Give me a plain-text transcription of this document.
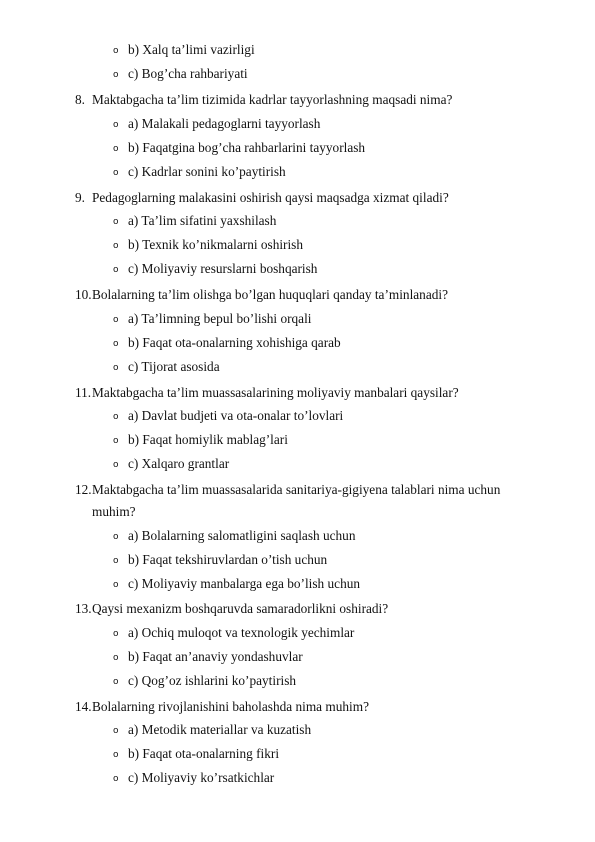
o b) Xalq ta’limi vazirligi
o c) Bog’cha rahbariyati
8. Maktabgacha ta’lim tizimida kadrlar tayyorlashning maqsadi nima?
o a) Malakali pedagoglarni tayyorlash
o b) Faqatgina bog’cha rahbarlarini tayyorlash
o c) Kadrlar sonini ko’paytirish
9. Pedagoglarning malakasini oshirish qaysi maqsadga xizmat qiladi?
o a) Ta’lim sifatini yaxshilash
o b) Texnik ko’nikmalarni oshirish
o c) Moliyaviy resurslarni boshqarish
10. Bolalarning ta’lim olishga bo’lgan huquqlari qanday ta’minlanadi?
o a) Ta’limning bepul bo’lishi orqali
o b) Faqat ota-onalarning xohishiga qarab
o c) Tijorat asosida
11. Maktabgacha ta’lim muassasalarining moliyaviy manbalari qaysilar?
o a) Davlat budjeti va ota-onalar to’lovlari
o b) Faqat homiylik mablag’lari
o c) Xalqaro grantlar
12. Maktabgacha ta’lim muassasalarida sanitariya-gigiyena talablari nima uchun
muhim?
o a) Bolalarning salomatligini saqlash uchun
o b) Faqat tekshiruvlardan o’tish uchun
o c) Moliyaviy manbalarga ega bo’lish uchun
13. Qaysi mexanizm boshqaruvda samaradorlikni oshiradi?
o a) Ochiq muloqot va texnologik yechimlar
o b) Faqat an’anaviy yondashuvlar
o c) Qog’oz ishlarini ko’paytirish
14. Bolalarning rivojlanishini baholashda nima muhim?
o a) Metodik materiallar va kuzatish
o b) Faqat ota-onalarning fikri
o c) Moliyaviy ko’rsatkichlar
